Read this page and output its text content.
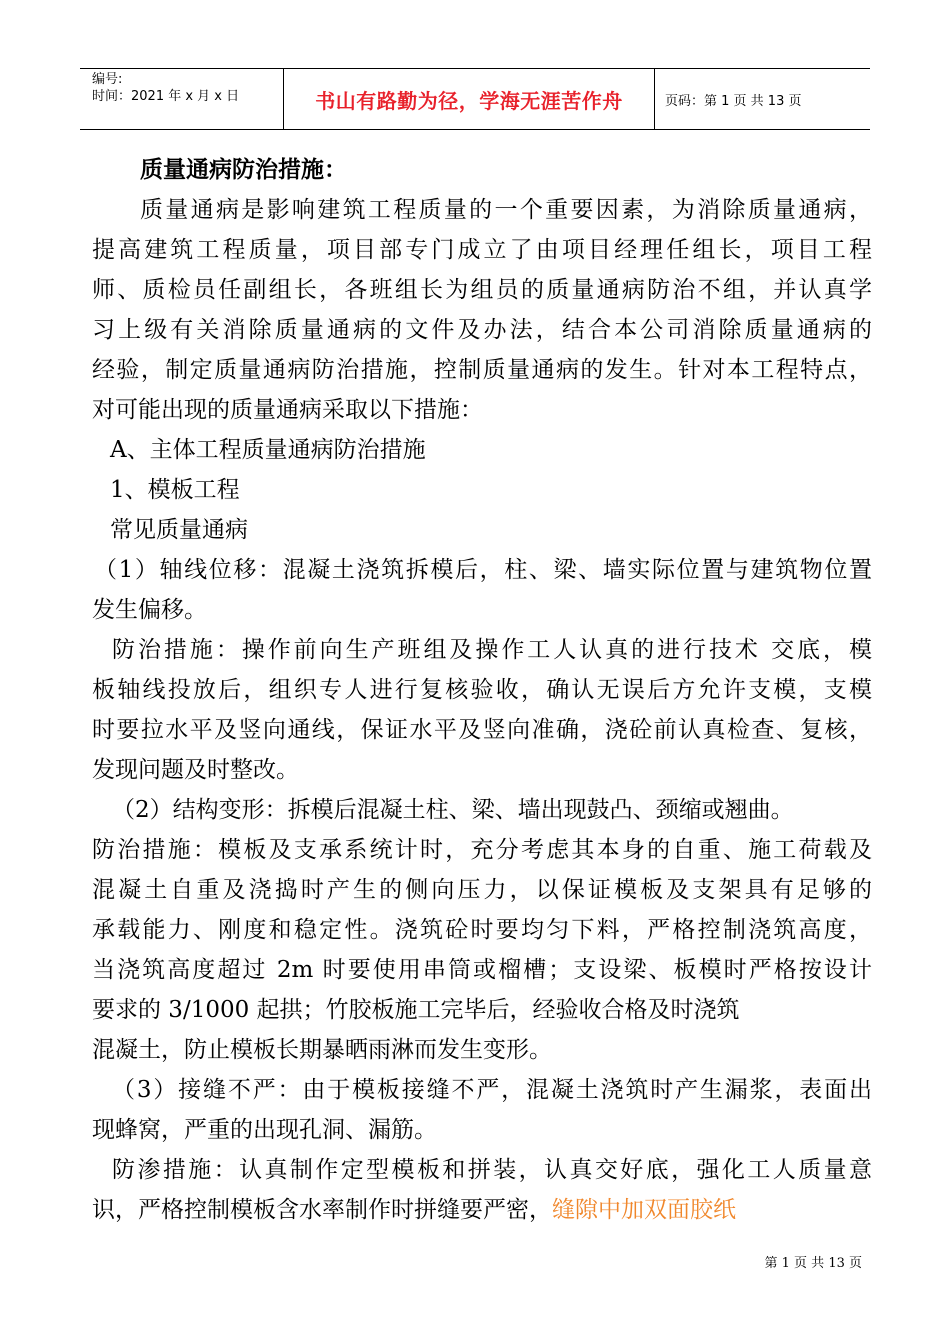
编号:
时间：2021 年 x 月 x 日	书山有路勤为径，学海无涯苦作舟	页码：第 1 页 共 13 页
质量通病防治措施：
质量通病是影响建筑工程质量的一个重要因素，为消除质量通病，
提高建筑工程质量，项目部专门成立了由项目经理任组长，项目工程
师、质检员任副组长，各班组长为组员的质量通病防治不组，并认真学
习上级有关消除质量通病的文件及办法，结合本公司消除质量通病的
经验，制定质量通病防治措施，控制质量通病的发生。针对本工程特点，
对可能出现的质量通病采取以下措施：
A、主体工程质量通病防治措施
1、模板工程
常见质量通病
（1）轴线位移：混凝土浇筑拆模后，柱、梁、墙实际位置与建筑物位置
发生偏移。
防治措施：操作前向生产班组及操作工人认真的进行技术 交底，模
板轴线投放后，组织专人进行复核验收，确认无误后方允许支模，支模
时要拉水平及竖向通线，保证水平及竖向准确，浇砼前认真检查、复核，
发现问题及时整改。
（2）结构变形：拆模后混凝土柱、梁、墙出现鼓凸、颈缩或翘曲。
防治措施：模板及支承系统计时，充分考虑其本身的自重、施工荷载及
混凝土自重及浇捣时产生的侧向压力，以保证模板及支架具有足够的
承载能力、刚度和稳定性。浇筑砼时要均匀下料，严格控制浇筑高度，
当浇筑高度超过 2m 时要使用串筒或榴槽；支设梁、板模时严格按设计
要求的 3/1000 起拱；竹胶板施工完毕后，经验收合格及时浇筑
混凝土，防止模板长期暴晒雨淋而发生变形。
（3）接缝不严：由于模板接缝不严，混凝土浇筑时产生漏浆，表面出
现蜂窝，严重的出现孔洞、漏筋。
防渗措施：认真制作定型模板和拼装，认真交好底，强化工人质量意
识，严格控制模板含水率制作时拼缝要严密，缝隙中加双面胶纸
第 1 页 共 13 页
